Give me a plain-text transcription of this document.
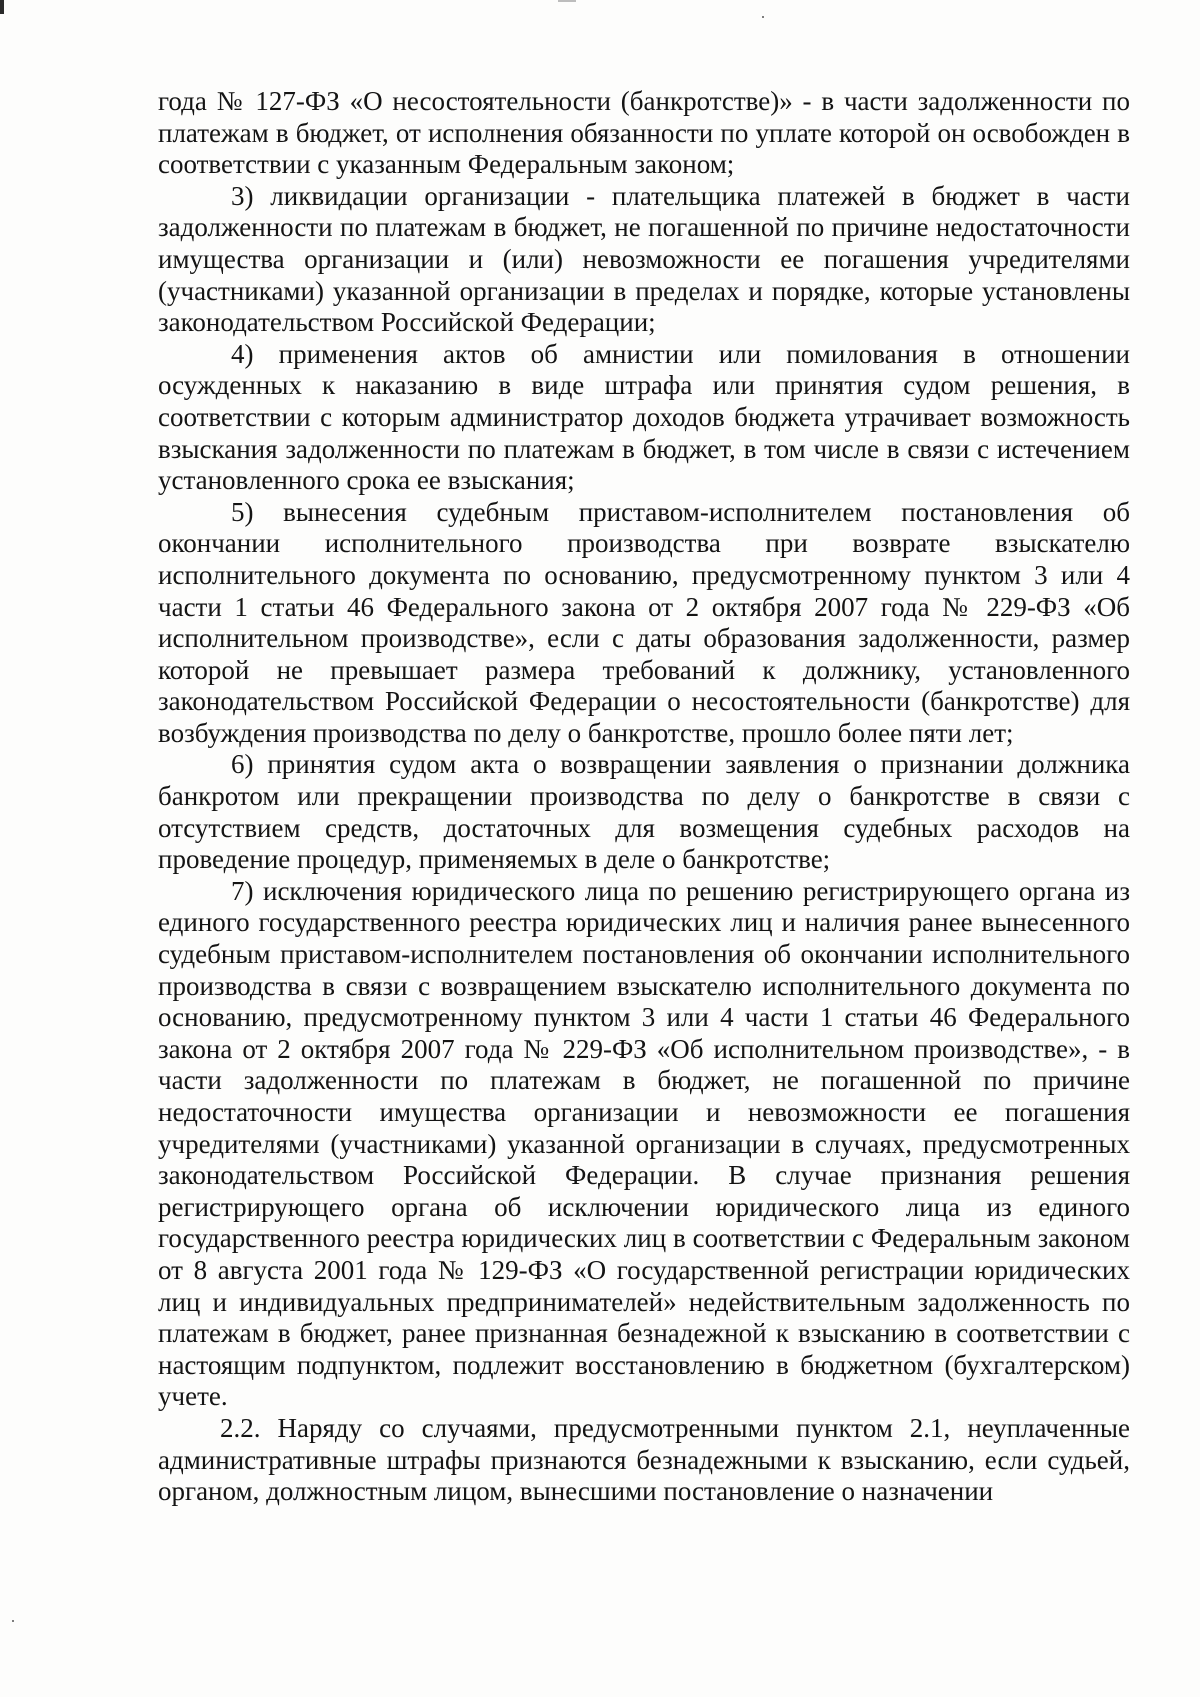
года № 127-ФЗ «О несостоятельности (банкротстве)» - в части задолженности по платежам в бюджет, от исполнения обязанности по уплате которой он освобожден в соответствии с указанным Федеральным законом;

3) ликвидации организации - плательщика платежей в бюджет в части задолженности по платежам в бюджет, не погашенной по причине недостаточности имущества организации и (или) невозможности ее погашения учредителями (участниками) указанной организации в пределах и порядке, которые установлены законодательством Российской Федерации;

4) применения актов об амнистии или помилования в отношении осужденных к наказанию в виде штрафа или принятия судом решения, в соответствии с которым администратор доходов бюджета утрачивает возможность взыскания задолженности по платежам в бюджет, в том числе в связи с истечением установленного срока ее взыскания;

5) вынесения судебным приставом-исполнителем постановления об окончании исполнительного производства при возврате взыскателю исполнительного документа по основанию, предусмотренному пунктом 3 или 4 части 1 статьи 46 Федерального закона от 2 октября 2007 года № 229-ФЗ «Об исполнительном производстве», если с даты образования задолженности, размер которой не превышает размера требований к должнику, установленного законодательством Российской Федерации о несостоятельности (банкротстве) для возбуждения производства по делу о банкротстве, прошло более пяти лет;

6) принятия судом акта о возвращении заявления о признании должника банкротом или прекращении производства по делу о банкротстве в связи с отсутствием средств, достаточных для возмещения судебных расходов на проведение процедур, применяемых в деле о банкротстве;

7) исключения юридического лица по решению регистрирующего органа из единого государственного реестра юридических лиц и наличия ранее вынесенного судебным приставом-исполнителем постановления об окончании исполнительного производства в связи с возвращением взыскателю исполнительного документа по основанию, предусмотренному пунктом 3 или 4 части 1 статьи 46 Федерального закона от 2 октября 2007 года № 229-ФЗ «Об исполнительном производстве», - в части задолженности по платежам в бюджет, не погашенной по причине недостаточности имущества организации и невозможности ее погашения учредителями (участниками) указанной организации в случаях, предусмотренных законодательством Российской Федерации. В случае признания решения регистрирующего органа об исключении юридического лица из единого государственного реестра юридических лиц в соответствии с Федеральным законом от 8 августа 2001 года № 129-ФЗ «О государственной регистрации юридических лиц и индивидуальных предпринимателей» недействительным задолженность по платежам в бюджет, ранее признанная безнадежной к взысканию в соответствии с настоящим подпунктом, подлежит восстановлению в бюджетном (бухгалтерском) учете.

2.2. Наряду со случаями, предусмотренными пунктом 2.1, неуплаченные административные штрафы признаются безнадежными к взысканию, если судьей, органом, должностным лицом, вынесшими постановление о назначении
